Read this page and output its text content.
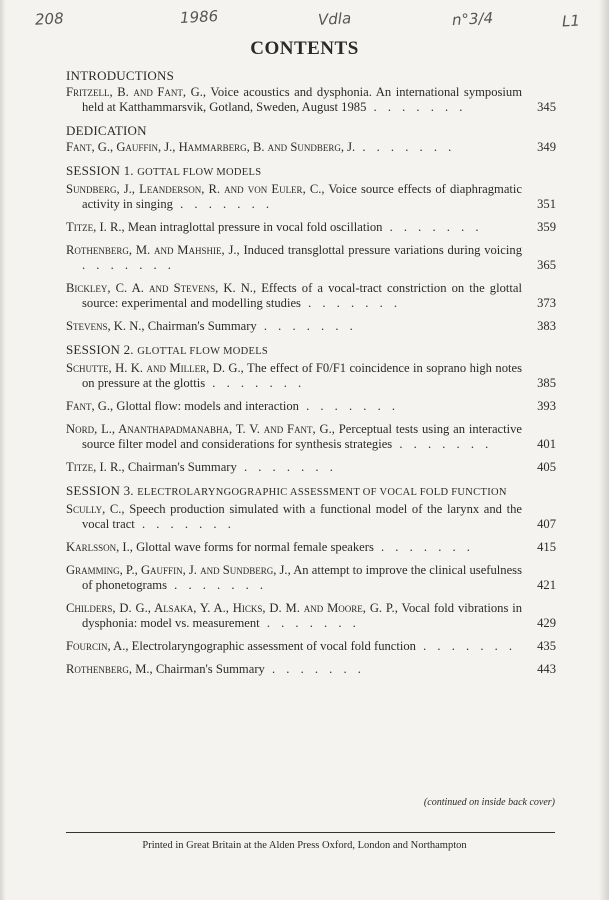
208	1986	Vdla	n°3/4	L1
CONTENTS
INTRODUCTIONS
Fritzell, B. and Fant, G., Voice acoustics and dysphonia. An international symposium held at Katthammarsvik, Gotland, Sweden, August 1985 . . . . . . .	345
DEDICATION
Fant, G., Gauffin, J., Hammarberg, B. and Sundberg, J. . . . . . . .	349
SESSION 1. GOTTAL FLOW MODELS
Sundberg, J., Leanderson, R. and von Euler, C., Voice source effects of diaphragmatic activity in singing . . . . . . .	351
Titze, I. R., Mean intraglottal pressure in vocal fold oscillation . . . . . . .	359
Rothenberg, M. and Mahshie, J., Induced transglottal pressure variations during voicing . . . . . . .	365
Bickley, C. A. and Stevens, K. N., Effects of a vocal-tract constriction on the glottal source: experimental and modelling studies . . . . . . .	373
Stevens, K. N., Chairman's Summary . . . . . . .	383
SESSION 2. GLOTTAL FLOW MODELS
Schutte, H. K. and Miller, D. G., The effect of F0/F1 coincidence in soprano high notes on pressure at the glottis . . . . . . .	385
Fant, G., Glottal flow: models and interaction . . . . . . .	393
Nord, L., Ananthapadmanabha, T. V. and Fant, G., Perceptual tests using an interactive source filter model and considerations for synthesis strategies . . . . . . .	401
Titze, I. R., Chairman's Summary . . . . . . .	405
SESSION 3. ELECTROLARYNGOGRAPHIC ASSESSMENT OF VOCAL FOLD FUNCTION
Scully, C., Speech production simulated with a functional model of the larynx and the vocal tract . . . . . . .	407
Karlsson, I., Glottal wave forms for normal female speakers . . . . . . .	415
Gramming, P., Gauffin, J. and Sundberg, J., An attempt to improve the clinical usefulness of phonetograms . . . . . . .	421
Childers, D. G., Alsaka, Y. A., Hicks, D. M. and Moore, G. P., Vocal fold vibrations in dysphonia: model vs. measurement . . . . . . .	429
Fourcin, A., Electrolaryngographic assessment of vocal fold function . . . . . . .	435
Rothenberg, M., Chairman's Summary . . . . . . .	443
(continued on inside back cover)
Printed in Great Britain at the Alden Press Oxford, London and Northampton
